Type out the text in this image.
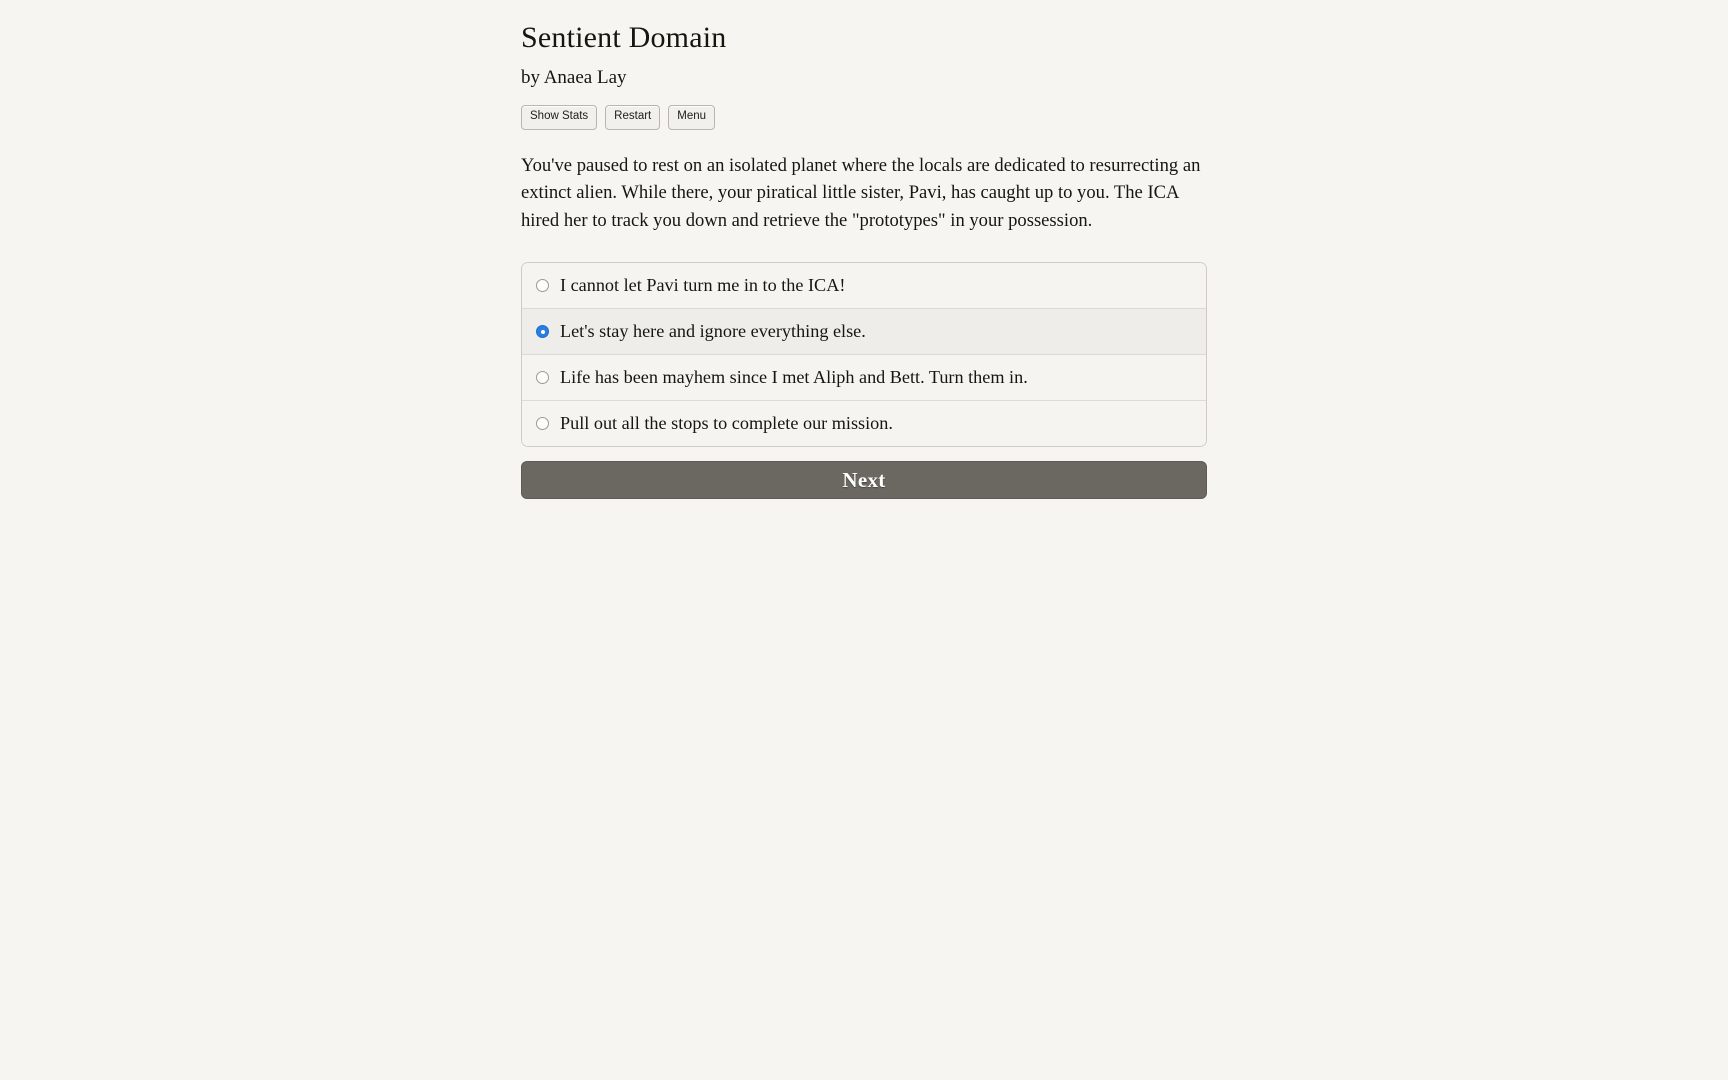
Sentient Domain
by Anaea Lay
Show Stats	Restart	Menu

You've paused to rest on an isolated planet where the locals are dedicated to resurrecting an extinct alien. While there, your piratical little sister, Pavi, has caught up to you. The ICA hired her to track you down and retrieve the "prototypes" in your possession.

I cannot let Pavi turn me in to the ICA!
Let's stay here and ignore everything else.
Life has been mayhem since I met Aliph and Bett. Turn them in.
Pull out all the stops to complete our mission.
Next
